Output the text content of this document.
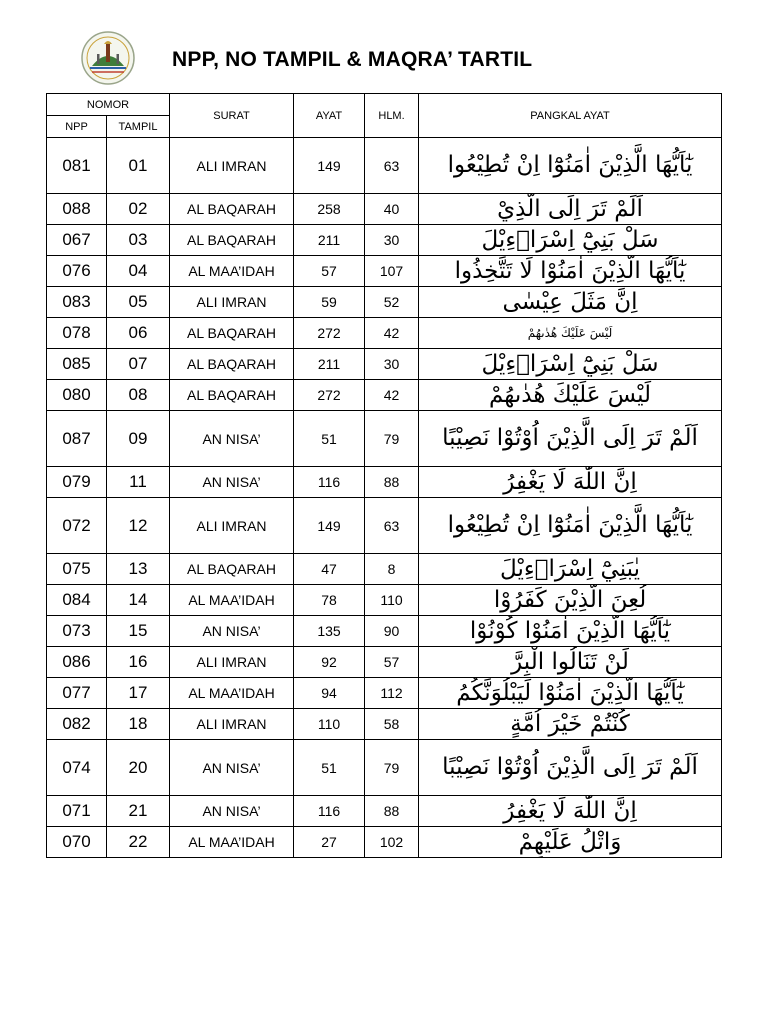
NPP, NO TAMPIL & MAQRA’ TARTIL
NOMOR		SURAT	AYAT	HLM.	PANGKAL AYAT
NPP	TAMPIL				
081	01	ALI IMRAN	149	63	يٰٓاَيُّهَا الَّذِيْنَ اٰمَنُوْٓا اِنْ تُطِيْعُوا
088	02	AL BAQARAH	258	40	اَلَمْ تَرَ اِلَى الَّذِيْ
067	03	AL BAQARAH	211	30	سَلْ بَنِيْٓ اِسْرَاۤءِيْلَ
076	04	AL MAA’IDAH	57	107	يٰٓاَيُّهَا الَّذِيْنَ اٰمَنُوْا لَا تَتَّخِذُوا
083	05	ALI IMRAN	59	52	اِنَّ مَثَلَ عِيْسٰى
078	06	AL BAQARAH	272	42	لَيْسَ عَلَيْكَ هُدٰىهُمْ
085	07	AL BAQARAH	211	30	سَلْ بَنِيْٓ اِسْرَاۤءِيْلَ
080	08	AL BAQARAH	272	42	لَيْسَ عَلَيْكَ هُدٰىهُمْ
087	09	AN NISA’	51	79	اَلَمْ تَرَ اِلَى الَّذِيْنَ اُوْتُوْا نَصِيْبًا
079	11	AN NISA’	116	88	اِنَّ اللّٰهَ لَا يَغْفِرُ
072	12	ALI IMRAN	149	63	يٰٓاَيُّهَا الَّذِيْنَ اٰمَنُوْٓا اِنْ تُطِيْعُوا
075	13	AL BAQARAH	47	8	يٰبَنِيْٓ اِسْرَاۤءِيْلَ
084	14	AL MAA’IDAH	78	110	لُعِنَ الَّذِيْنَ كَفَرُوْا
073	15	AN NISA’	135	90	يٰٓاَيُّهَا الَّذِيْنَ اٰمَنُوْا كُوْنُوْا
086	16	ALI IMRAN	92	57	لَنْ تَنَالُوا الْبِرَّ
077	17	AL MAA’IDAH	94	112	يٰٓاَيُّهَا الَّذِيْنَ اٰمَنُوْا لَيَبْلُوَنَّكُمُ
082	18	ALI IMRAN	110	58	كُنْتُمْ خَيْرَ اُمَّةٍ
074	20	AN NISA’	51	79	اَلَمْ تَرَ اِلَى الَّذِيْنَ اُوْتُوْا نَصِيْبًا
071	21	AN NISA’	116	88	اِنَّ اللّٰهَ لَا يَغْفِرُ
070	22	AL MAA’IDAH	27	102	وَاتْلُ عَلَيْهِمْ
